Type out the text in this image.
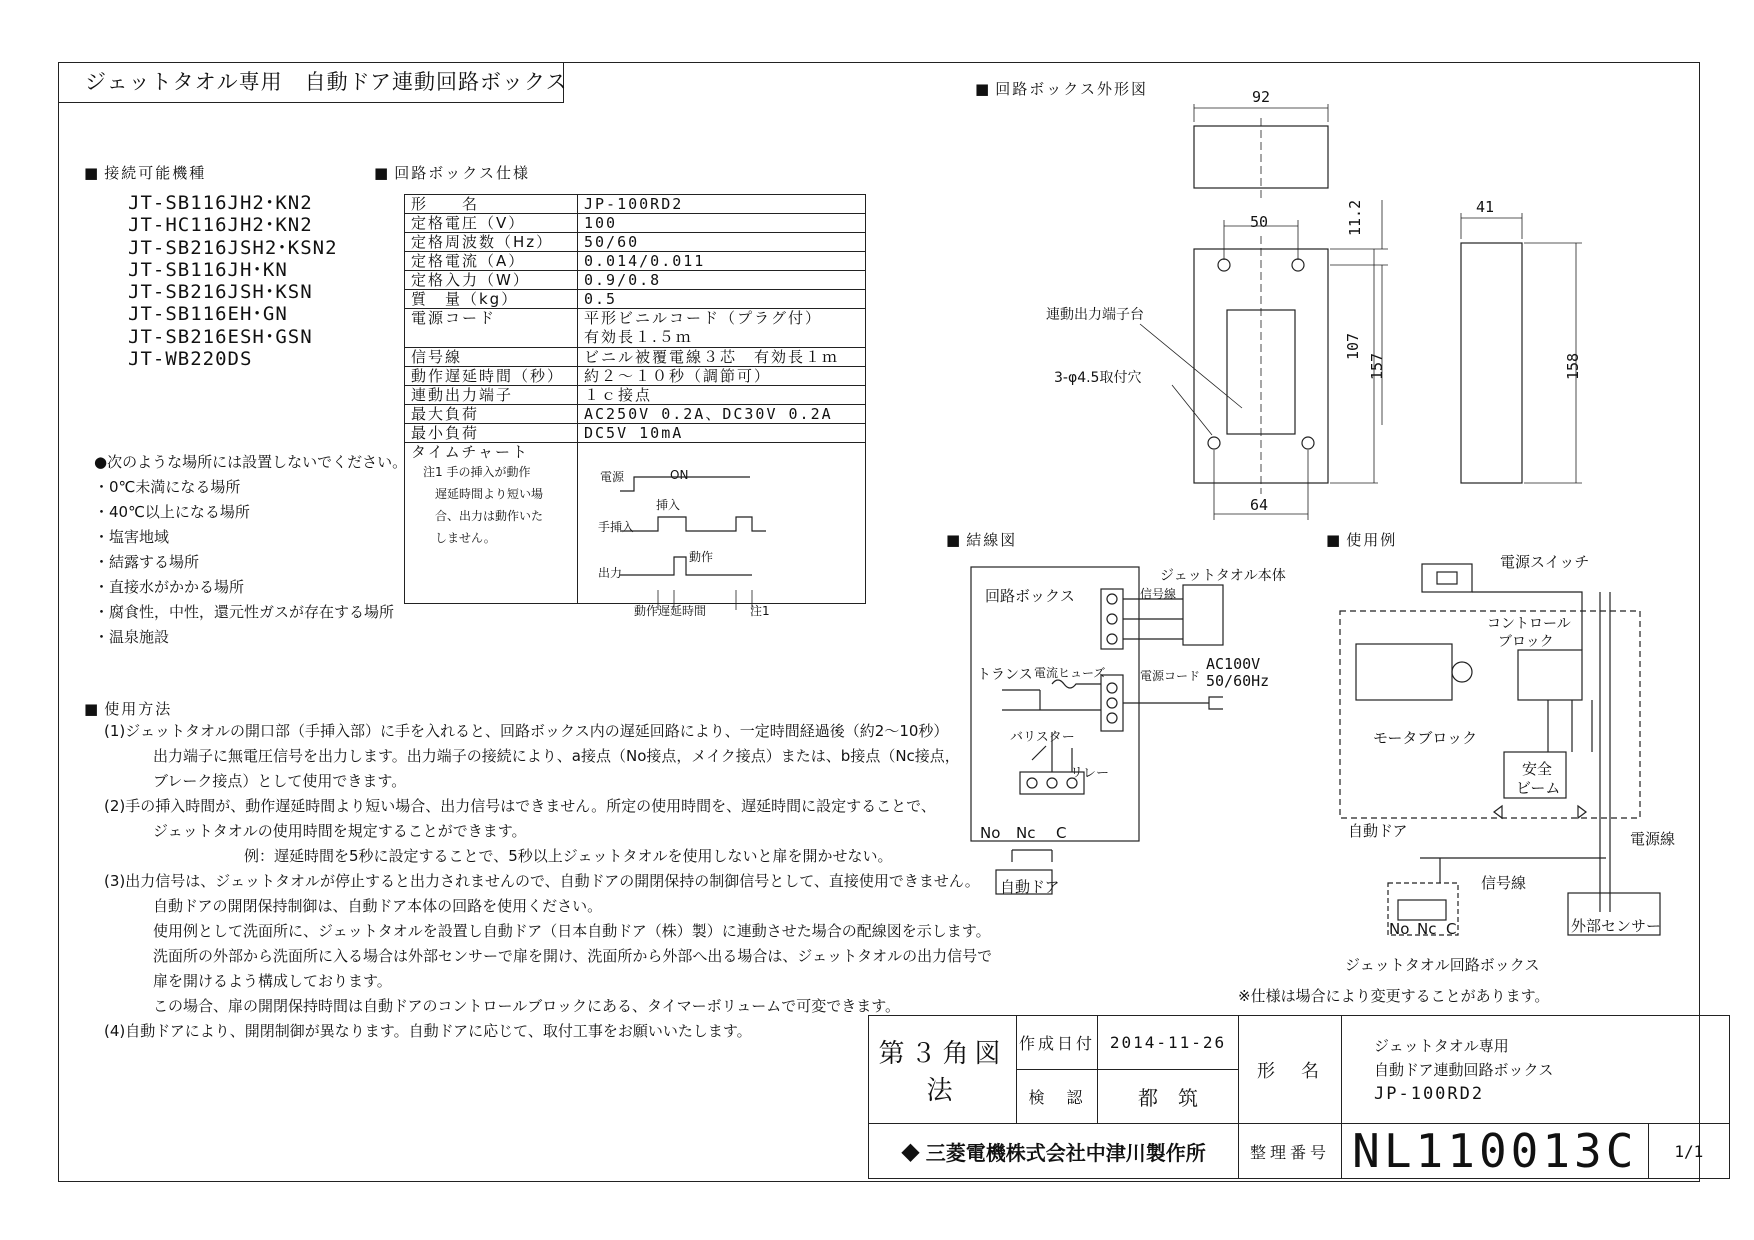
ジェットタオル専用　自動ドア連動回路ボックス
■ 接続可能機種	■ 回路ボックス仕様
JT-SB116JH2･KN2
JT-HC116JH2･KN2
JT-SB216JSH2･KSN2
JT-SB116JH･KN
JT-SB216JSH･KSN
JT-SB116EH･GN
JT-SB216ESH･GSN
JT-WB220DS
形　　名	JP-100RD2
定格電圧（V）	100
定格周波数（Hz）	50/60
定格電流（A）	0.014/0.011
定格入力（W）	0.9/0.8
質　量（kg）	0.5
電源コード	平形ビニルコード（プラグ付）
有効長１.５ｍ

信号線	ビニル被覆電線３芯　有効長１ｍ
動作遅延時間（秒）	約２～１０秒（調節可）
連動出力端子	１ｃ接点
最大負荷	AC250V 0.2A、DC30V 0.2A
最小負荷	DC5V 10mA

タイムチャート
注1 手の挿入が動作
遅延時間より短い場
合、出力は動作いた
しません。	

●次のような場所には設置しないでください。
・0℃未満になる場所
・40℃以上になる場所
・塩害地域
・結露する場所
・直接水がかかる場所
・腐食性，中性，還元性ガスが存在する場所
・温泉施設
■ 使用方法
(1)ジェットタオルの開口部（手挿入部）に手を入れると、回路ボックス内の遅延回路により、一定時間経過後（約2～10秒）
出力端子に無電圧信号を出力します。出力端子の接続により、a接点（No接点，メイク接点）または、b接点（Nc接点，
ブレーク接点）として使用できます。
(2)手の挿入時間が、動作遅延時間より短い場合、出力信号はできません。所定の使用時間を、遅延時間に設定することで、
ジェットタオルの使用時間を規定することができます。
例：遅延時間を5秒に設定することで、5秒以上ジェットタオルを使用しないと扉を開かせない。
(3)出力信号は、ジェットタオルが停止すると出力されませんので、自動ドアの開閉保持の制御信号として、直接使用できません。
自動ドアの開閉保持制御は、自動ドア本体の回路を使用ください。
使用例として洗面所に、ジェットタオルを設置し自動ドア（日本自動ドア（株）製）に連動させた場合の配線図を示します。
洗面所の外部から洗面所に入る場合は外部センサーで扉を開け、洗面所から外部へ出る場合は、ジェットタオルの出力信号で
扉を開けるよう構成しております。
この場合、扉の開閉保持時間は自動ドアのコントロールブロックにある、タイマーボリュームで可変できます。
(4)自動ドアにより、開閉制御が異なります。自動ドアに応じて、取付工事をお願いいたします。
■ 回路ボックス外形図
■ 結線図	■ 使用例
92
50
64
11.2
107
157
41
158
連動出力端子台
3-φ4.5取付穴
回路ボックス
ジェットタオル本体
信号線
トランス 電流ヒューズ	電源コード
AC100V
50/60Hz
バリスター
リレー
No Nc C
自動ドア
電源スイッチ
コントロール
ブロック
モータブロック
安全
ビーム
自動ドア	電源線
信号線
外部センサー
ジェットタオル回路ボックス
No Nc C
電源	ON
挿入
手挿入
動作
出力
動作遅延時間	注1
※仕様は場合により変更することがあります。
第３角図法	作成日付	2014-11-26	形　名	ジェットタオル専用
自動ドア連動回路ボックス
JP-100RD2	

	検　認	都　筑			

◆ 三菱電機株式会社中津川製作所			整理番号	NL110013C	1/1
